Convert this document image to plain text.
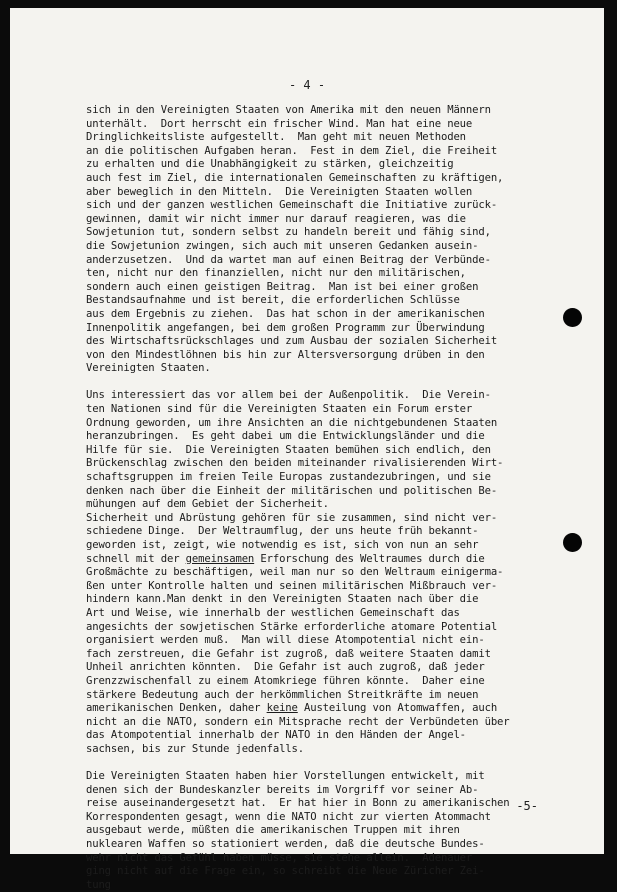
- 4 -
sich in den Vereinigten Staaten von Amerika mit den neuen Männern
unterhält.  Dort herrscht ein frischer Wind. Man hat eine neue
Dringlichkeitsliste aufgestellt.  Man geht mit neuen Methoden
an die politischen Aufgaben heran.  Fest in dem Ziel, die Freiheit
zu erhalten und die Unabhängigkeit zu stärken, gleichzeitig
auch fest im Ziel, die internationalen Gemeinschaften zu kräftigen,
aber beweglich in den Mitteln.  Die Vereinigten Staaten wollen
sich und der ganzen westlichen Gemeinschaft die Initiative zurück-
gewinnen, damit wir nicht immer nur darauf reagieren, was die
Sowjetunion tut, sondern selbst zu handeln bereit und fähig sind,
die Sowjetunion zwingen, sich auch mit unseren Gedanken ausein-
anderzusetzen.  Und da wartet man auf einen Beitrag der Verbünde-
ten, nicht nur den finanziellen, nicht nur den militärischen,
sondern auch einen geistigen Beitrag.  Man ist bei einer großen
Bestandsaufnahme und ist bereit, die erforderlichen Schlüsse
aus dem Ergebnis zu ziehen.  Das hat schon in der amerikanischen
Innenpolitik angefangen, bei dem großen Programm zur Überwindung
des Wirtschaftsrückschlages und zum Ausbau der sozialen Sicherheit
von den Mindestlöhnen bis hin zur Altersversorgung drüben in den
Vereinigten Staaten.
Uns interessiert das vor allem bei der Außenpolitik.  Die Verein-
ten Nationen sind für die Vereinigten Staaten ein Forum erster
Ordnung geworden, um ihre Ansichten an die nichtgebundenen Staaten
heranzubringen.  Es geht dabei um die Entwicklungsländer und die
Hilfe für sie.  Die Vereinigten Staaten bemühen sich endlich, den
Brückenschlag zwischen den beiden miteinander rivalisierenden Wirt-
schaftsgruppen im freien Teile Europas zustandezubringen, und sie
denken nach über die Einheit der militärischen und politischen Be-
mühungen auf dem Gebiet der Sicherheit.
Sicherheit und Abrüstung gehören für sie zusammen, sind nicht ver-
schiedene Dinge.  Der Weltraumflug, der uns heute früh bekannt-
geworden ist, zeigt, wie notwendig es ist, sich von nun an sehr
schnell mit der gemeinsamen Erforschung des Weltraumes durch die
Großmächte zu beschäftigen, weil man nur so den Weltraum einigerma-
ßen unter Kontrolle halten und seinen militärischen Mißbrauch ver-
hindern kann.Man denkt in den Vereinigten Staaten nach über die
Art und Weise, wie innerhalb der westlichen Gemeinschaft das
angesichts der sowjetischen Stärke erforderliche atomare Potential
organisiert werden muß.  Man will diese Atompotential nicht ein-
fach zerstreuen, die Gefahr ist zugroß, daß weitere Staaten damit
Unheil anrichten könnten.  Die Gefahr ist auch zugroß, daß jeder
Grenzzwischenfall zu einem Atomkriege führen könnte.  Daher eine
stärkere Bedeutung auch der herkömmlichen Streitkräfte im neuen
amerikanischen Denken, daher keine Austeilung von Atomwaffen, auch
nicht an die NATO, sondern ein Mitsprache recht der Verbündeten über
das Atompotential innerhalb der NATO in den Händen der Angel-
sachsen, bis zur Stunde jedenfalls.
Die Vereinigten Staaten haben hier Vorstellungen entwickelt, mit
denen sich der Bundeskanzler bereits im Vorgriff vor seiner Ab-
reise auseinandergesetzt hat.  Er hat hier in Bonn zu amerikanischen
Korrespondenten gesagt, wenn die NATO nicht zur vierten Atommacht
ausgebaut werde, müßten die amerikanischen Truppen mit ihren
nuklearen Waffen so stationiert werden, daß die deutsche Bundes-
wehr nicht das Gefühl haben müsse, sie stehe allein.  Adenauer
ging nicht auf die Frage ein, so schreibt die Neue Züricher Zei-
tung
-5-
